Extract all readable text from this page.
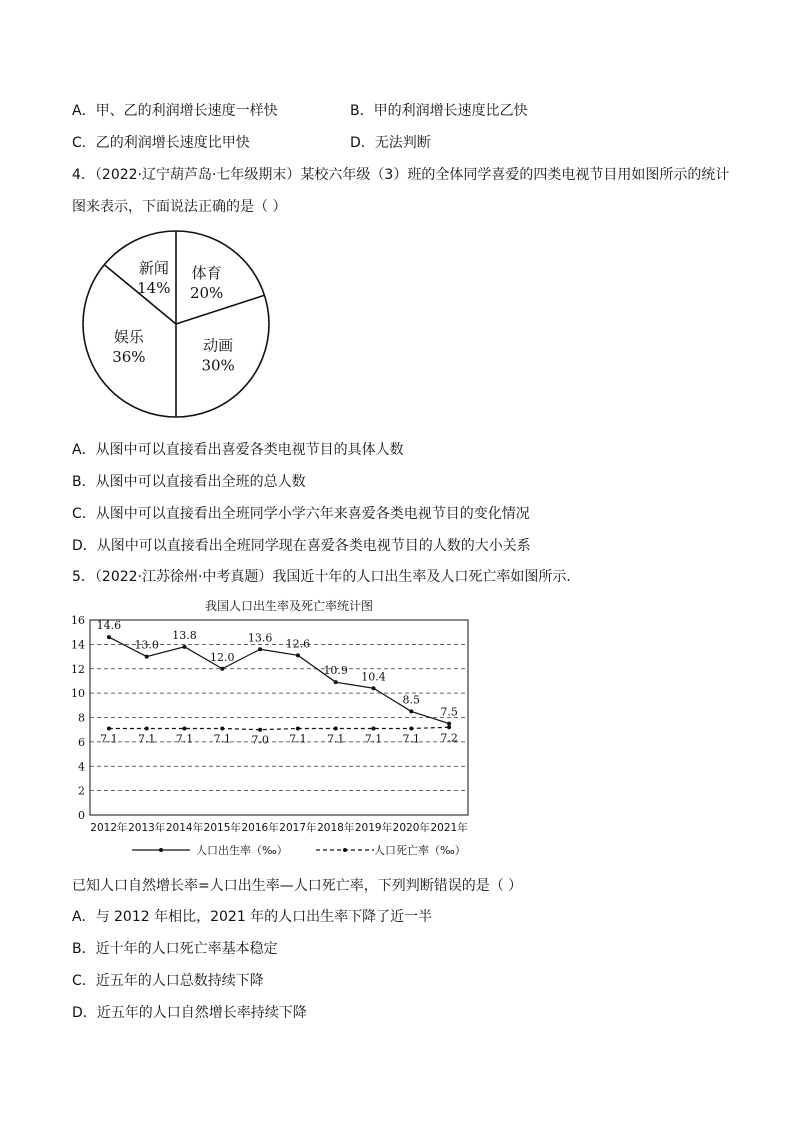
A．甲、乙的利润增长速度一样快	B．甲的利润增长速度比乙快
C．乙的利润增长速度比甲快	D．无法判断
4．（2022·辽宁葫芦岛·七年级期末）某校六年级（3）班的全体同学喜爱的四类电视节目用如图所示的统计
图来表示，下面说法正确的是（ ）
体育
20%
动画
30%
娱乐
36%
新闻
14%
A．从图中可以直接看出喜爱各类电视节目的具体人数
B．从图中可以直接看出全班的总人数
C．从图中可以直接看出全班同学小学六年来喜爱各类电视节目的变化情况
D．从图中可以直接看出全班同学现在喜爱各类电视节目的人数的大小关系
5．（2022·江苏徐州·中考真题）我国近十年的人口出生率及人口死亡率如图所示．
我国人口出生率及死亡率统计图
0
2
4
6
8
10
12
14
16
2012年 2013年 2014年 2015年 2016年 2017年 2018年 2019年 2020年 2021年
14.6
13.0
13.8
12.0
13.6 12.6
10.9 10.4
8.5
7.5
7.1 7.1 7.1 7.1 7.0 7.1 7.1 7.1 7.1 7.2
人口出生率（‰）	人口死亡率（‰）
已知人口自然增长率=人口出生率—人口死亡率，下列判断错误的是（ ）
A．与 2012 年相比，2021 年的人口出生率下降了近一半
B．近十年的人口死亡率基本稳定
C．近五年的人口总数持续下降
D．近五年的人口自然增长率持续下降
